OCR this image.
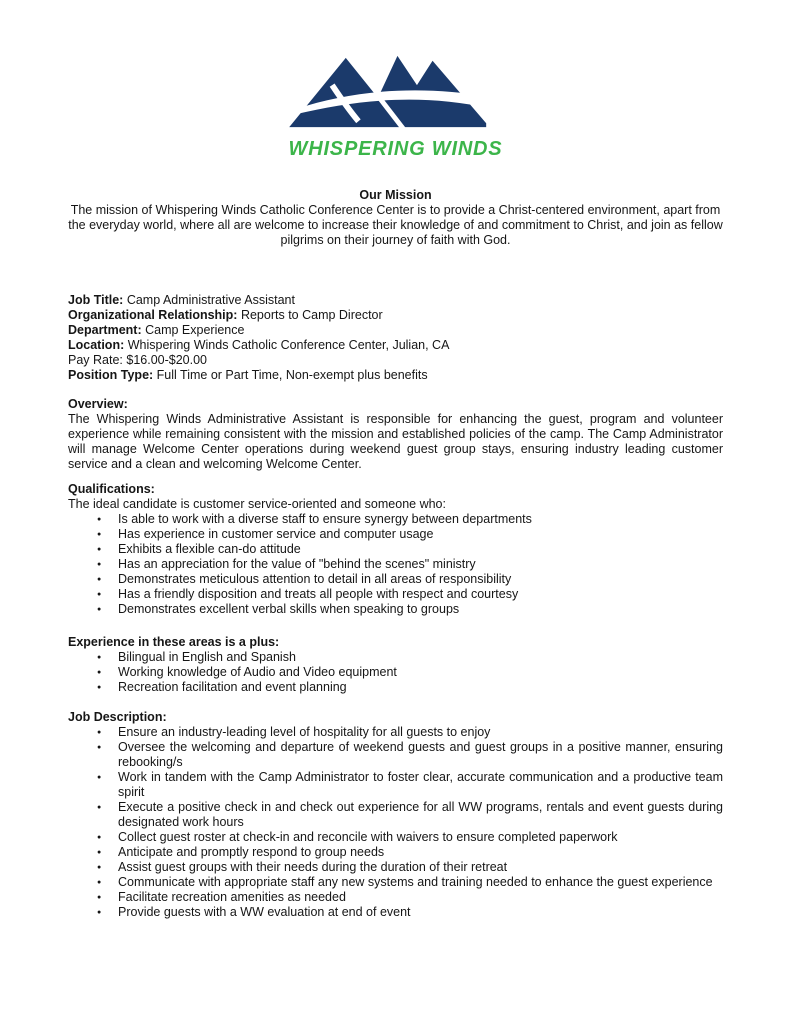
WHISPERING WINDS
Our Mission

The mission of Whispering Winds Catholic Conference Center is to provide a Christ-centered environment, apart from the everyday world, where all are welcome to increase their knowledge of and commitment to Christ, and join as fellow pilgrims on their journey of faith with God.

Job Title: Camp Administrative Assistant
Organizational Relationship: Reports to Camp Director
Department: Camp Experience
Location: Whispering Winds Catholic Conference Center, Julian, CA
Pay Rate: $16.00-$20.00
Position Type: Full Time or Part Time, Non-exempt plus benefits
Overview:

The Whispering Winds Administrative Assistant is responsible for enhancing the guest, program and volunteer experience while remaining consistent with the mission and established policies of the camp. The Camp Administrator will manage Welcome Center operations during weekend guest group stays, ensuring industry leading customer service and a clean and welcoming Welcome Center.

Qualifications:

The ideal candidate is customer service-oriented and someone who:

● Is able to work with a diverse staff to ensure synergy between departments
● Has experience in customer service and computer usage
● Exhibits a flexible can-do attitude
● Has an appreciation for the value of "behind the scenes" ministry
● Demonstrates meticulous attention to detail in all areas of responsibility
● Has a friendly disposition and treats all people with respect and courtesy
● Demonstrates excellent verbal skills when speaking to groups
Experience in these areas is a plus:
● Bilingual in English and Spanish
● Working knowledge of Audio and Video equipment
● Recreation facilitation and event planning
Job Description:
● Ensure an industry-leading level of hospitality for all guests to enjoy
● Oversee the welcoming and departure of weekend guests and guest groups in a positive manner, ensuring rebooking/s
● Work in tandem with the Camp Administrator to foster clear, accurate communication and a productive team spirit
● Execute a positive check in and check out experience for all WW programs, rentals and event guests during designated work hours
● Collect guest roster at check-in and reconcile with waivers to ensure completed paperwork
● Anticipate and promptly respond to group needs
● Assist guest groups with their needs during the duration of their retreat
● Communicate with appropriate staff any new systems and training needed to enhance the guest experience
● Facilitate recreation amenities as needed
● Provide guests with a WW evaluation at end of event
